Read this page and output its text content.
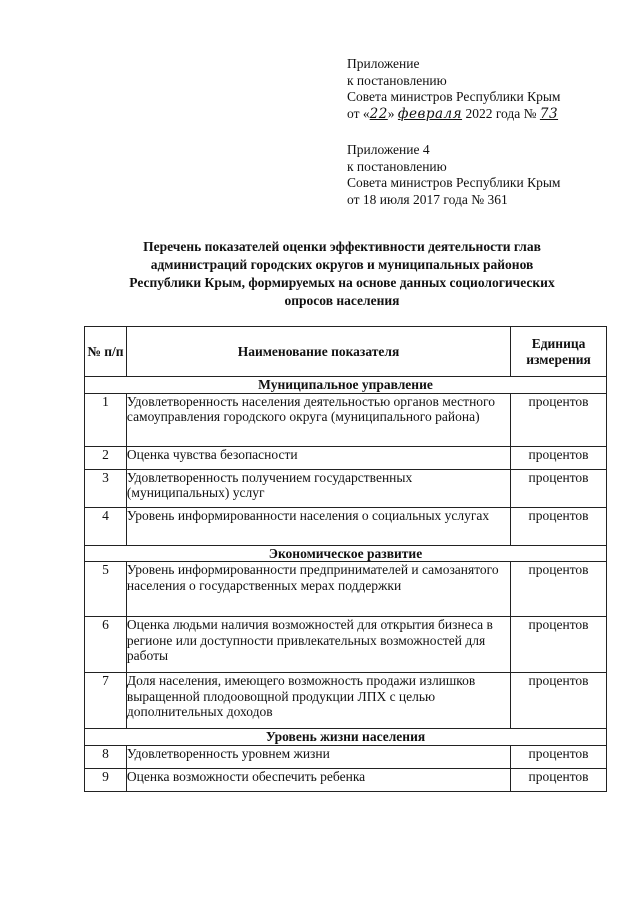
Приложение
к постановлению
Совета министров Республики Крым
от «22» февраля 2022 года № 73
Приложение 4
к постановлению
Совета министров Республики Крым
от 18 июля 2017 года № 361
Перечень показателей оценки эффективности деятельности глав
администраций городских округов и муниципальных районов
Республики Крым, формируемых на основе данных социологических
опросов населения
№ п/п	Наименование показателя	Единица измерения
Муниципальное управление		
1	Удовлетворенность населения деятельностью органов местного самоуправления городского округа (муниципального района)	процентов
2	Оценка чувства безопасности	процентов
3	Удовлетворенность получением государственных (муниципальных) услуг	процентов
4	Уровень информированности населения о социальных услугах	процентов
Экономическое развитие		
5	Уровень информированности предпринимателей и самозанятого населения о государственных мерах поддержки	процентов
6	Оценка людьми наличия возможностей для открытия бизнеса в регионе или доступности привлекательных возможностей для работы	процентов
7	Доля населения, имеющего возможность продажи излишков выращенной плодоовощной продукции ЛПХ с целью дополнительных доходов	процентов
Уровень жизни населения		
8	Удовлетворенность уровнем жизни	процентов
9	Оценка возможности обеспечить ребенка	процентов
